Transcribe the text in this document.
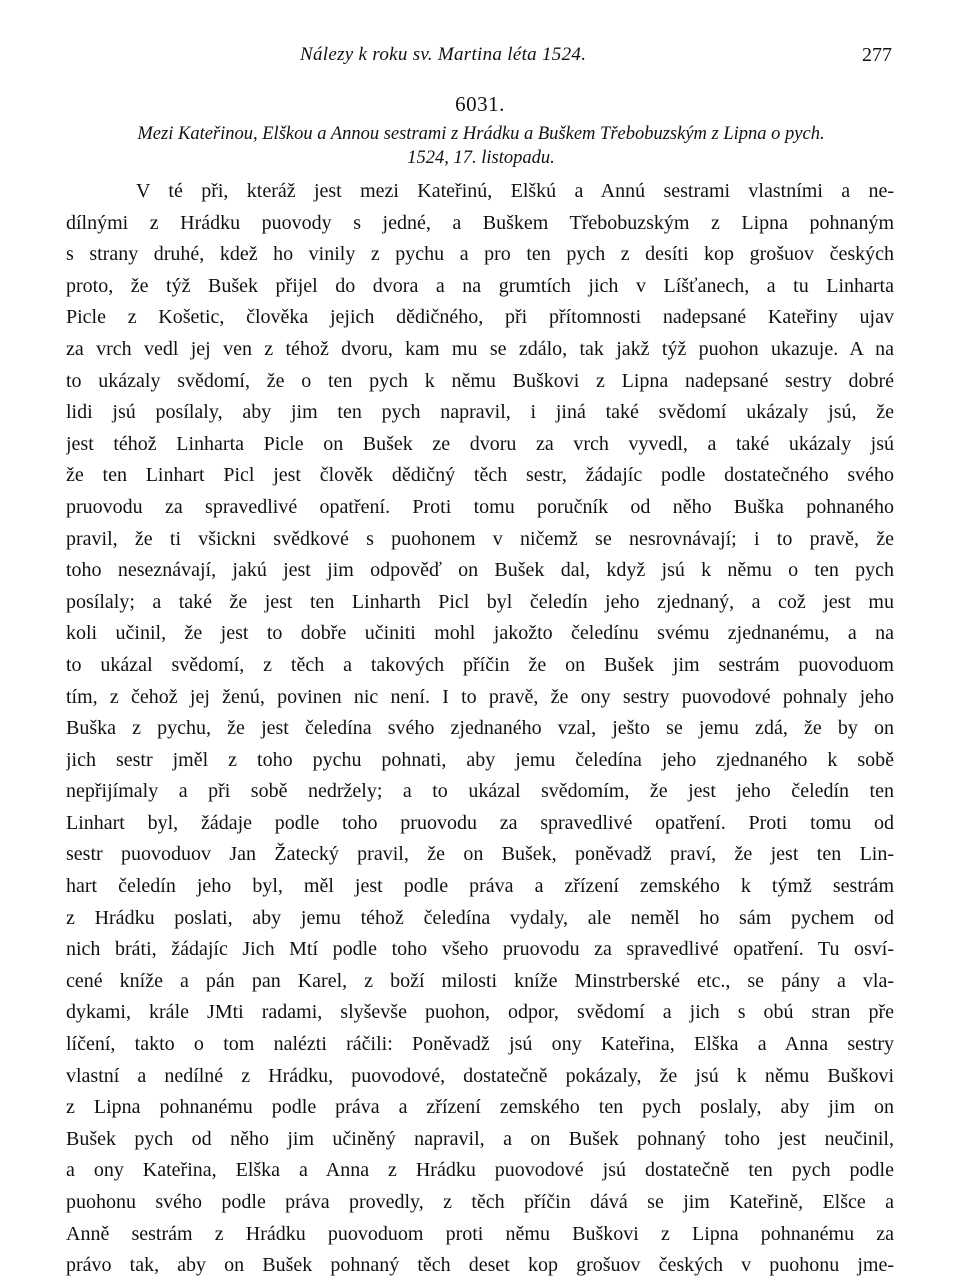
Nálezy k roku sv. Martina léta 1524.	277
6031.
Mezi Kateřinou, Elškou a Annou sestrami z Hrádku a Buškem Třebobuzským z Lipna o pych.
1524, 17. listopadu.
V té při, kteráž jest mezi Kateřinú, Elškú a Annú sestrami vlastními a ne-
dílnými z Hrádku puovody s jedné, a Buškem Třebobuzským z Lipna pohnaným
s strany druhé, kdež ho vinily z pychu a pro ten pych z desíti kop grošuov českých
proto, že týž Bušek přijel do dvora a na grumtích jich v Líšťanech, a tu Linharta
Picle z Košetic, člověka jejich dědičného, při přítomnosti nadepsané Kateřiny ujav
za vrch vedl jej ven z téhož dvoru, kam mu se zdálo, tak jakž týž puohon ukazuje. A na
to ukázaly svědomí, že o ten pych k němu Buškovi z Lipna nadepsané sestry dobré
lidi jsú posílaly, aby jim ten pych napravil, i jiná také svědomí ukázaly jsú, že
jest téhož Linharta Picle on Bušek ze dvoru za vrch vyvedl, a také ukázaly jsú
že ten Linhart Picl jest člověk dědičný těch sestr, žádajíc podle dostatečného svého
pruovodu za spravedlivé opatření. Proti tomu poručník od něho Buška pohnaného
pravil, že ti všickni svědkové s puohonem v ničemž se nesrovnávají; i to pravě, že
toho neseznávají, jakú jest jim odpověď on Bušek dal, když jsú k němu o ten pych
posílaly; a také že jest ten Linharth Picl byl čeledín jeho zjednaný, a což jest mu
koli učinil, že jest to dobře učiniti mohl jakožto čeledínu svému zjednanému, a na
to ukázal svědomí, z těch a takových příčin že on Bušek jim sestrám puovoduom
tím, z čehož jej ženú, povinen nic není. I to pravě, že ony sestry puovodové pohnaly jeho
Buška z pychu, že jest čeledína svého zjednaného vzal, ješto se jemu zdá, že by on
jich sestr jměl z toho pychu pohnati, aby jemu čeledína jeho zjednaného k sobě
nepřijímaly a při sobě nedržely; a to ukázal svědomím, že jest jeho čeledín ten
Linhart byl, žádaje podle toho pruovodu za spravedlivé opatření. Proti tomu od
sestr puovoduov Jan Žatecký pravil, že on Bušek, poněvadž praví, že jest ten Lin-
hart čeledín jeho byl, měl jest podle práva a zřízení zemského k týmž sestrám
z Hrádku poslati, aby jemu téhož čeledína vydaly, ale neměl ho sám pychem od
nich bráti, žádajíc Jich Mtí podle toho všeho pruovodu za spravedlivé opatření. Tu osví-
cené kníže a pán pan Karel, z boží milosti kníže Minstrberské etc., se pány a vla-
dykami, krále JMti radami, slyševše puohon, odpor, svědomí a jich s obú stran pře
líčení, takto o tom nalézti ráčili: Poněvadž jsú ony Kateřina, Elška a Anna sestry
vlastní a nedílné z Hrádku, puovodové, dostatečně pokázaly, že jsú k němu Buškovi
z Lipna pohnanému podle práva a zřízení zemského ten pych poslaly, aby jim on
Bušek pych od něho jim učiněný napravil, a on Bušek pohnaný toho jest neučinil,
a ony Kateřina, Elška a Anna z Hrádku puovodové jsú dostatečně ten pych podle
puohonu svého podle práva provedly, z těch příčin dává se jim Kateřině, Elšce a
Anně sestrám z Hrádku puovoduom proti němu Buškovi z Lipna pohnanému za
právo tak, aby on Bušek pohnaný těch deset kop grošuov českých v puohonu jme-
